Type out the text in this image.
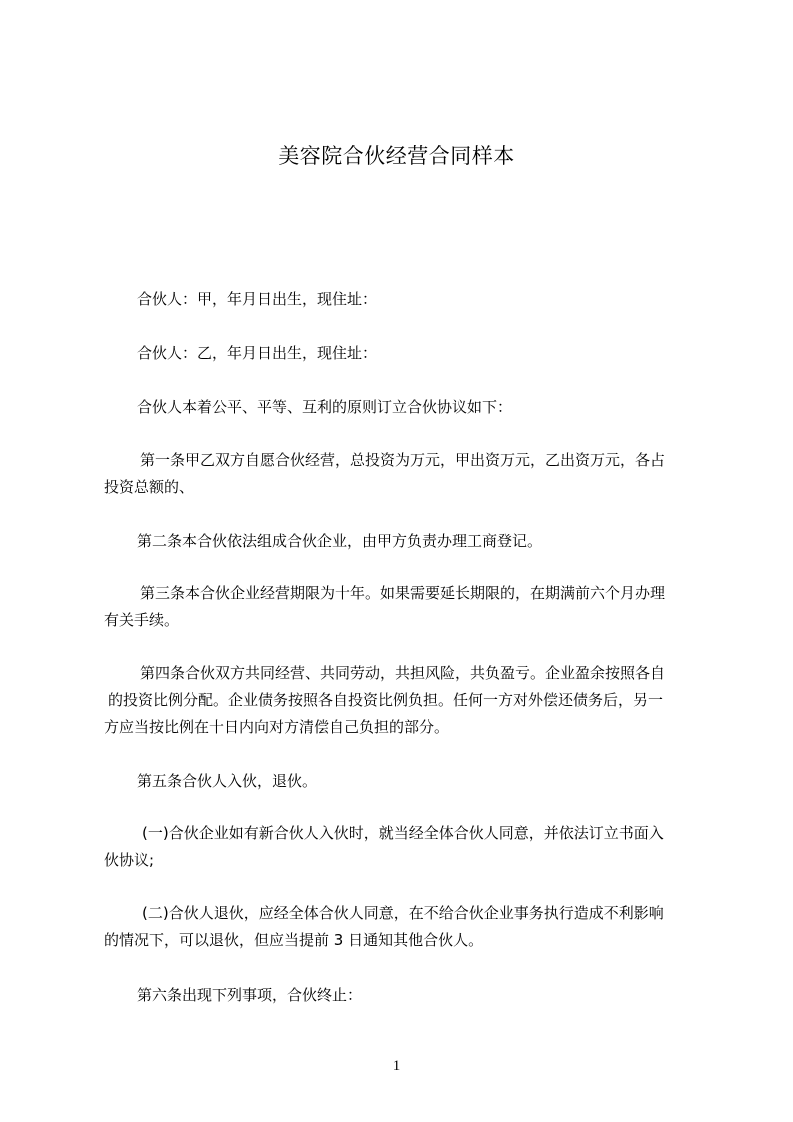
美容院合伙经营合同样本
合伙人：甲，年月日出生，现住址：
合伙人：乙，年月日出生，现住址：
合伙人本着公平、平等、互利的原则订立合伙协议如下：
第一条甲乙双方自愿合伙经营，总投资为万元，甲出资万元，乙出资万元，各占
投资总额的、
第二条本合伙依法组成合伙企业，由甲方负责办理工商登记。
第三条本合伙企业经营期限为十年。如果需要延长期限的，在期满前六个月办理
有关手续。
第四条合伙双方共同经营、共同劳动，共担风险，共负盈亏。企业盈余按照各自
的投资比例分配。企业债务按照各自投资比例负担。任何一方对外偿还债务后，另一
方应当按比例在十日内向对方清偿自己负担的部分。
第五条合伙人入伙，退伙。
(一)合伙企业如有新合伙人入伙时，就当经全体合伙人同意，并依法订立书面入
伙协议;
(二)合伙人退伙，应经全体合伙人同意，在不给合伙企业事务执行造成不利影响
的情况下，可以退伙，但应当提前 3 日通知其他合伙人。
第六条出现下列事项，合伙终止：
1
